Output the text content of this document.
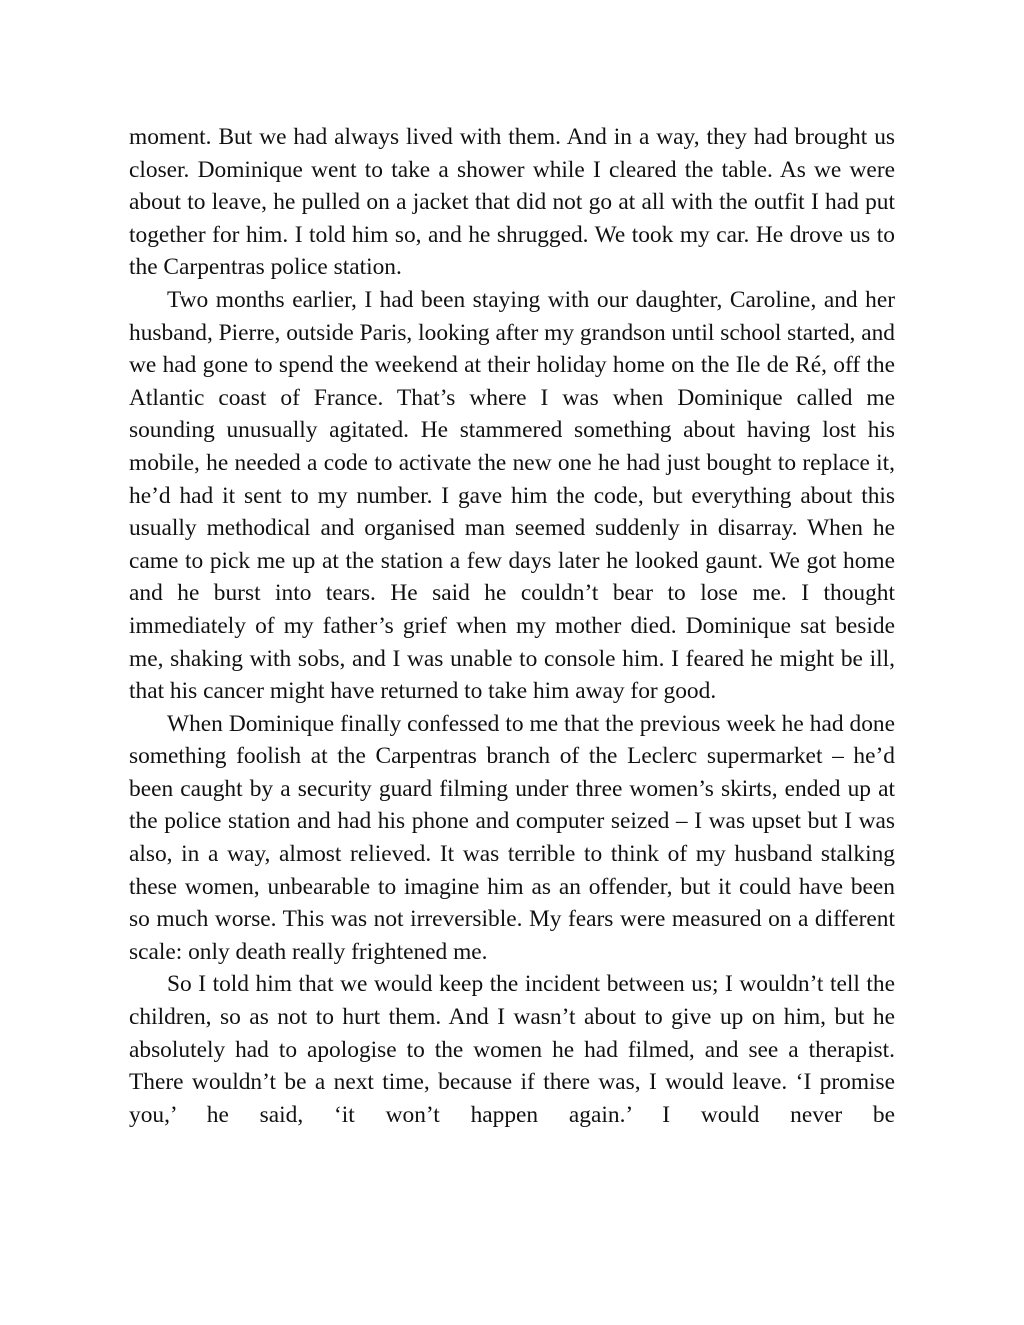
moment. But we had always lived with them. And in a way, they had brought us closer. Dominique went to take a shower while I cleared the table. As we were about to leave, he pulled on a jacket that did not go at all with the outfit I had put together for him. I told him so, and he shrugged. We took my car. He drove us to the Carpentras police station.

Two months earlier, I had been staying with our daughter, Caroline, and her husband, Pierre, outside Paris, looking after my grandson until school started, and we had gone to spend the weekend at their holiday home on the Ile de Ré, off the Atlantic coast of France. That’s where I was when Dominique called me sounding unusually agitated. He stammered something about having lost his mobile, he needed a code to activate the new one he had just bought to replace it, he’d had it sent to my number. I gave him the code, but everything about this usually methodical and organised man seemed suddenly in disarray. When he came to pick me up at the station a few days later he looked gaunt. We got home and he burst into tears. He said he couldn’t bear to lose me. I thought immediately of my father’s grief when my mother died. Dominique sat beside me, shaking with sobs, and I was unable to console him. I feared he might be ill, that his cancer might have returned to take him away for good.

When Dominique finally confessed to me that the previous week he had done something foolish at the Carpentras branch of the Leclerc supermarket – he’d been caught by a security guard filming under three women’s skirts, ended up at the police station and had his phone and computer seized – I was upset but I was also, in a way, almost relieved. It was terrible to think of my husband stalking these women, unbearable to imagine him as an offender, but it could have been so much worse. This was not irreversible. My fears were measured on a different scale: only death really frightened me.

So I told him that we would keep the incident between us; I wouldn’t tell the children, so as not to hurt them. And I wasn’t about to give up on him, but he absolutely had to apologise to the women he had filmed, and see a therapist. There wouldn’t be a next time, because if there was, I would leave. ‘I promise you,’ he said, ‘it won’t happen again.’ I would never be
